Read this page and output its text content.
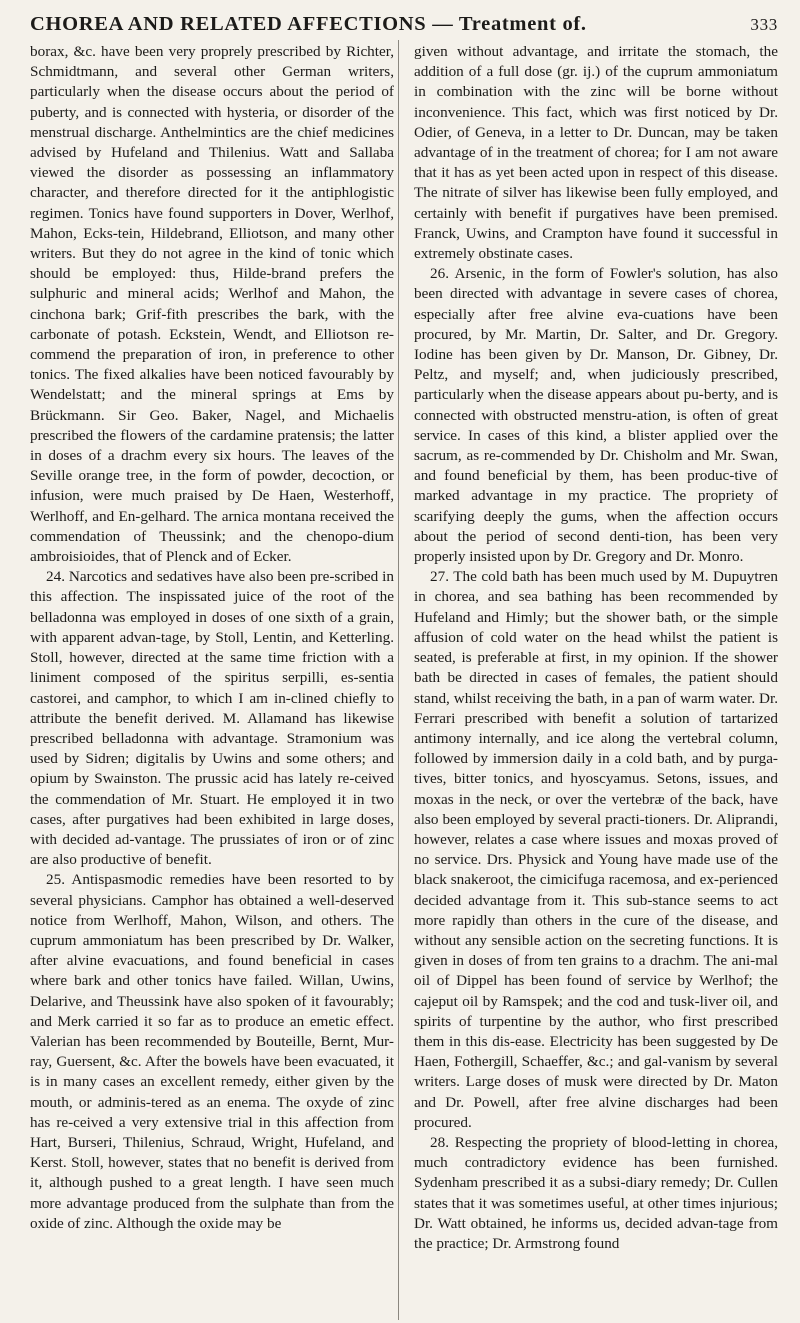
CHOREA AND RELATED AFFECTIONS — Treatment of.	333

borax, &c. have been very proprely prescribed by Richter, Schmidtmann, and several other German writers, particularly when the disease occurs about the period of puberty, and is connected with hysteria, or disorder of the menstrual discharge. Anthelmintics are the chief medicines advised by Hufeland and Thilenius. Watt and Sallaba viewed the disorder as possessing an inflammatory character, and therefore directed for it the antiphlogistic regimen. Tonics have found supporters in Dover, Werlhof, Mahon, Ecks-tein, Hildebrand, Elliotson, and many other writers. But they do not agree in the kind of tonic which should be employed: thus, Hilde-brand prefers the sulphuric and mineral acids; Werlhof and Mahon, the cinchona bark; Grif-fith prescribes the bark, with the carbonate of potash. Eckstein, Wendt, and Elliotson re-commend the preparation of iron, in preference to other tonics. The fixed alkalies have been noticed favourably by Wendelstatt; and the mineral springs at Ems by Brückmann. Sir Geo. Baker, Nagel, and Michaelis prescribed the flowers of the cardamine pratensis; the latter in doses of a drachm every six hours. The leaves of the Seville orange tree, in the form of powder, decoction, or infusion, were much praised by De Haen, Westerhoff, Werlhoff, and En-gelhard. The arnica montana received the commendation of Theussink; and the chenopo-dium ambroisioides, that of Plenck and of Ecker.

24. Narcotics and sedatives have also been pre-scribed in this affection. The inspissated juice of the root of the belladonna was employed in doses of one sixth of a grain, with apparent advan-tage, by Stoll, Lentin, and Ketterling. Stoll, however, directed at the same time friction with a liniment composed of the spiritus serpilli, es-sentia castorei, and camphor, to which I am in-clined chiefly to attribute the benefit derived. M. Allamand has likewise prescribed belladonna with advantage. Stramonium was used by Sidren; digitalis by Uwins and some others; and opium by Swainston. The prussic acid has lately re-ceived the commendation of Mr. Stuart. He employed it in two cases, after purgatives had been exhibited in large doses, with decided ad-vantage. The prussiates of iron or of zinc are also productive of benefit.

25. Antispasmodic remedies have been resorted to by several physicians. Camphor has obtained a well-deserved notice from Werlhoff, Mahon, Wilson, and others. The cuprum ammoniatum has been prescribed by Dr. Walker, after alvine evacuations, and found beneficial in cases where bark and other tonics have failed. Willan, Uwins, Delarive, and Theussink have also spoken of it favourably; and Merk carried it so far as to produce an emetic effect. Valerian has been recommended by Bouteille, Bernt, Mur-ray, Guersent, &c. After the bowels have been evacuated, it is in many cases an excellent remedy, either given by the mouth, or adminis-tered as an enema. The oxyde of zinc has re-ceived a very extensive trial in this affection from Hart, Burseri, Thilenius, Schraud, Wright, Hufeland, and Kerst. Stoll, however, states that no benefit is derived from it, although pushed to a great length. I have seen much more advantage produced from the sulphate than from the oxide of zinc. Although the oxide may be

given without advantage, and irritate the stomach, the addition of a full dose (gr. ij.) of the cuprum ammoniatum in combination with the zinc will be borne without inconvenience. This fact, which was first noticed by Dr. Odier, of Geneva, in a letter to Dr. Duncan, may be taken advantage of in the treatment of chorea; for I am not aware that it has as yet been acted upon in respect of this disease. The nitrate of silver has likewise been fully employed, and certainly with benefit if purgatives have been premised. Franck, Uwins, and Crampton have found it successful in extremely obstinate cases.

26. Arsenic, in the form of Fowler's solution, has also been directed with advantage in severe cases of chorea, especially after free alvine eva-cuations have been procured, by Mr. Martin, Dr. Salter, and Dr. Gregory. Iodine has been given by Dr. Manson, Dr. Gibney, Dr. Peltz, and myself; and, when judiciously prescribed, particularly when the disease appears about pu-berty, and is connected with obstructed menstru-ation, is often of great service. In cases of this kind, a blister applied over the sacrum, as re-commended by Dr. Chisholm and Mr. Swan, and found beneficial by them, has been produc-tive of marked advantage in my practice. The propriety of scarifying deeply the gums, when the affection occurs about the period of second denti-tion, has been very properly insisted upon by Dr. Gregory and Dr. Monro.

27. The cold bath has been much used by M. Dupuytren in chorea, and sea bathing has been recommended by Hufeland and Himly; but the shower bath, or the simple affusion of cold water on the head whilst the patient is seated, is preferable at first, in my opinion. If the shower bath be directed in cases of females, the patient should stand, whilst receiving the bath, in a pan of warm water. Dr. Ferrari prescribed with benefit a solution of tartarized antimony internally, and ice along the vertebral column, followed by immersion daily in a cold bath, and by purga-tives, bitter tonics, and hyoscyamus. Setons, issues, and moxas in the neck, or over the vertebræ of the back, have also been employed by several practi-tioners. Dr. Aliprandi, however, relates a case where issues and moxas proved of no service. Drs. Physick and Young have made use of the black snakeroot, the cimicifuga racemosa, and ex-perienced decided advantage from it. This sub-stance seems to act more rapidly than others in the cure of the disease, and without any sensible action on the secreting functions. It is given in doses of from ten grains to a drachm. The ani-mal oil of Dippel has been found of service by Werlhof; the cajeput oil by Ramspek; and the cod and tusk-liver oil, and spirits of turpentine by the author, who first prescribed them in this dis-ease. Electricity has been suggested by De Haen, Fothergill, Schaeffer, &c.; and gal-vanism by several writers. Large doses of musk were directed by Dr. Maton and Dr. Powell, after free alvine discharges had been procured.

28. Respecting the propriety of blood-letting in chorea, much contradictory evidence has been furnished. Sydenham prescribed it as a subsi-diary remedy; Dr. Cullen states that it was sometimes useful, at other times injurious; Dr. Watt obtained, he informs us, decided advan-tage from the practice; Dr. Armstrong found
